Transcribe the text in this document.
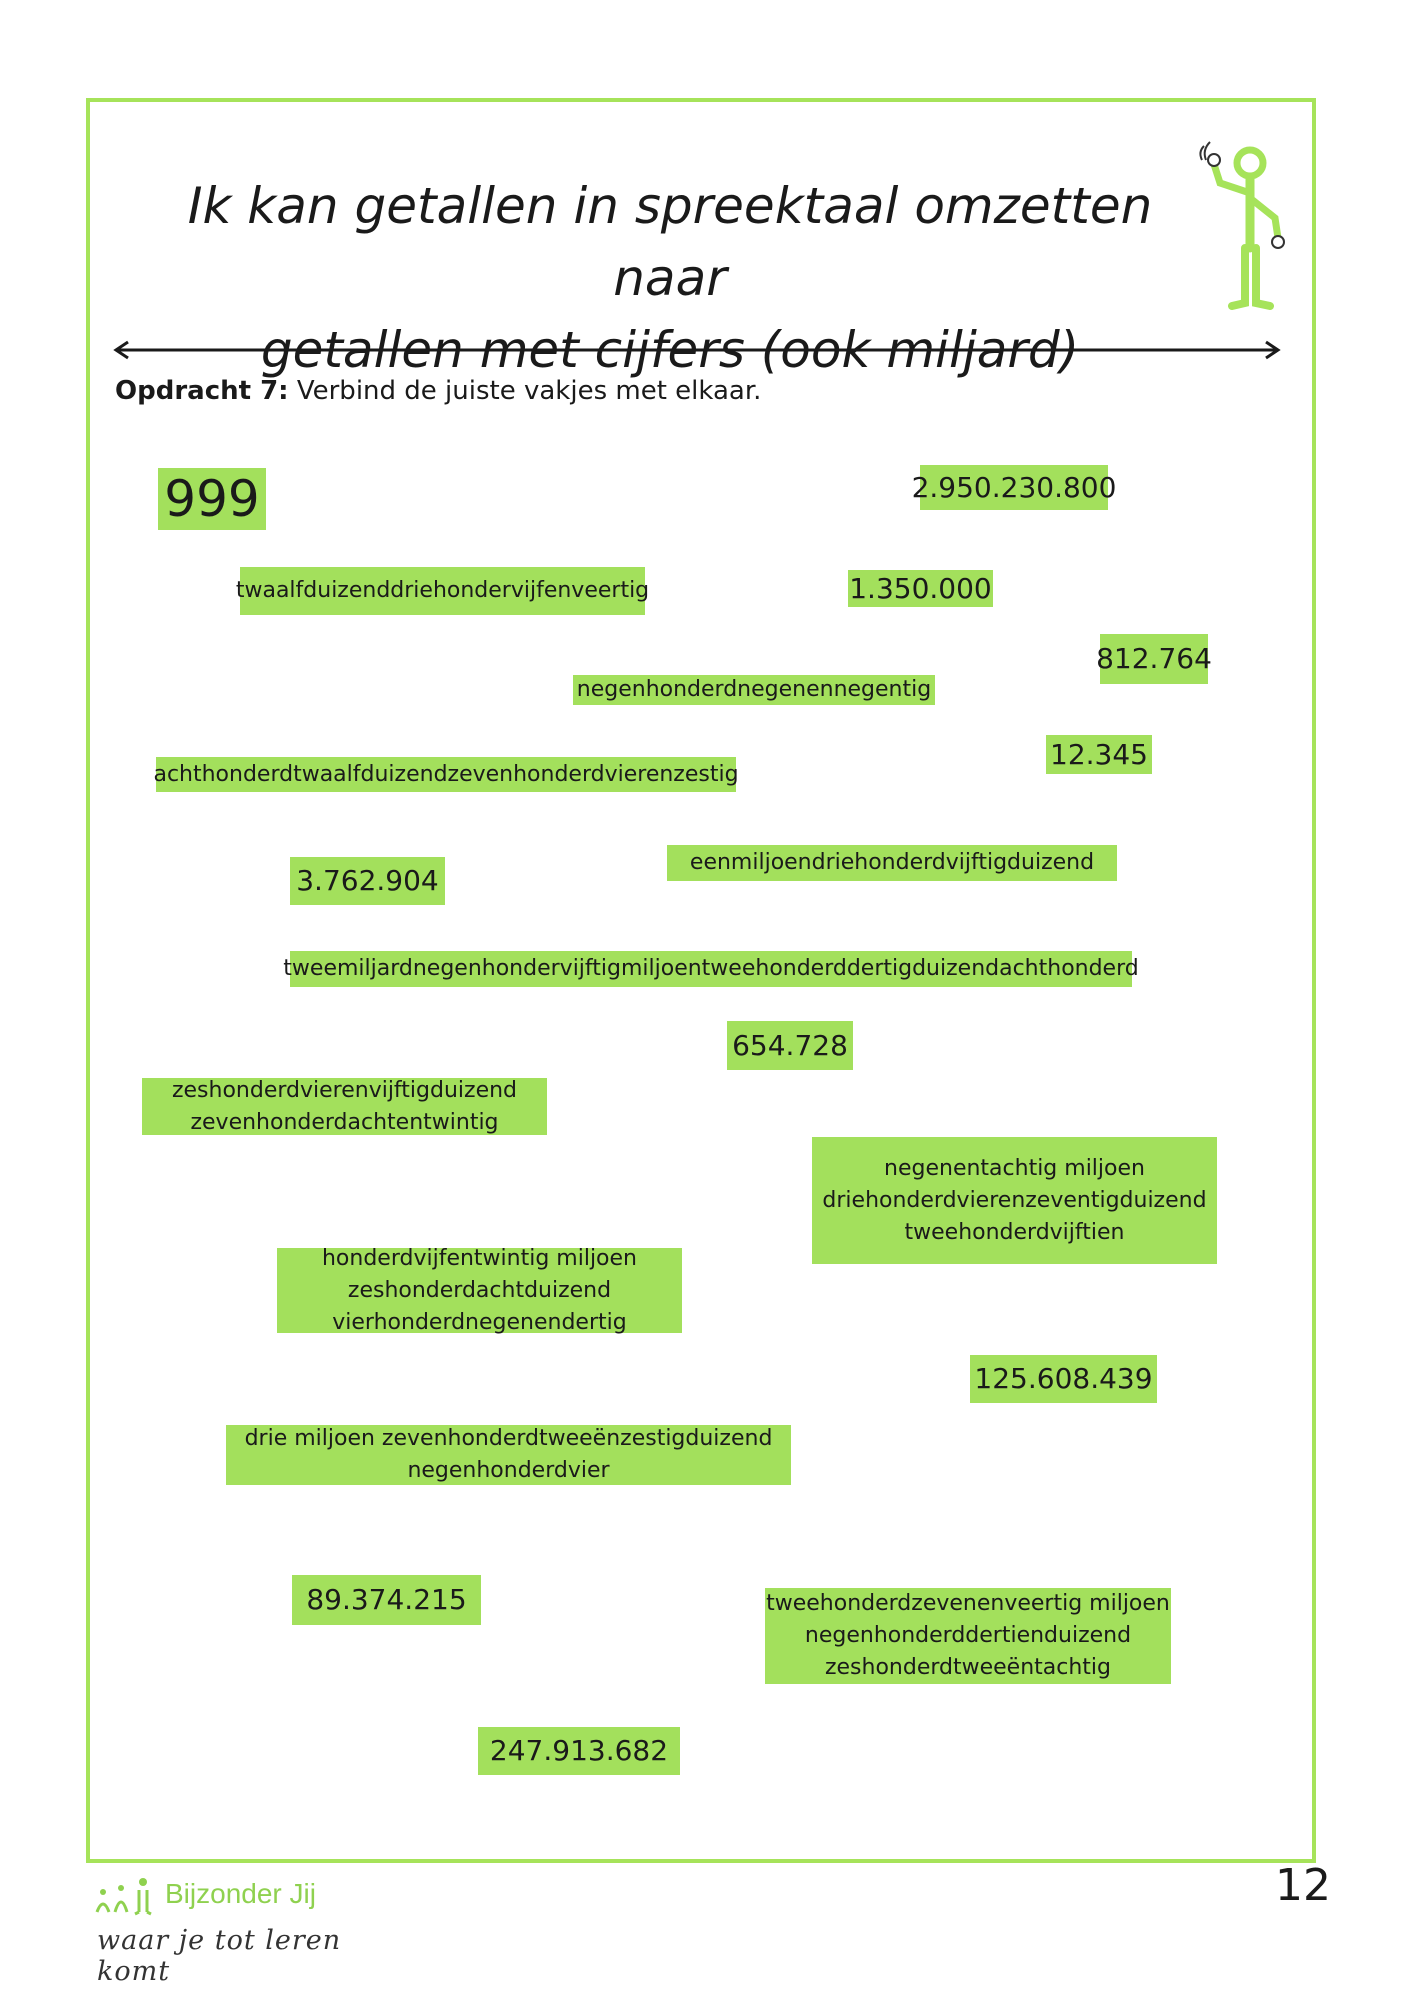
Ik kan getallen in spreektaal omzetten naar
getallen met cijfers (ook miljard)
Opdracht 7: Verbind de juiste vakjes met elkaar.
999	2.950.230.800
twaalfduizenddriehondervijfenveertig	1.350.000
812.764
negenhonderdnegenennegentig
12.345
achthonderdtwaalfduizendzevenhonderdvierenzestig
3.762.904
eenmiljoendriehonderdvijftigduizend
tweemiljardnegenhondervijftigmiljoentweehonderddertigduizendachthonderd
654.728
zeshonderdvierenvijftigduizend
zevenhonderdachtentwintig
negenentachtig miljoen
driehonderdvierenzeventigduizend
tweehonderdvijftien
honderdvijfentwintig miljoen
zeshonderdachtduizend
vierhonderdnegenendertig
125.608.439
drie miljoen zevenhonderdtweeënzestigduizend
negenhonderdvier
89.374.215	tweehonderdzevenenveertig miljoen
negenhonderddertienduizend
zeshonderdtweeëntachtig
247.913.682
12
Bijzonder Jij
waar je tot leren komt
